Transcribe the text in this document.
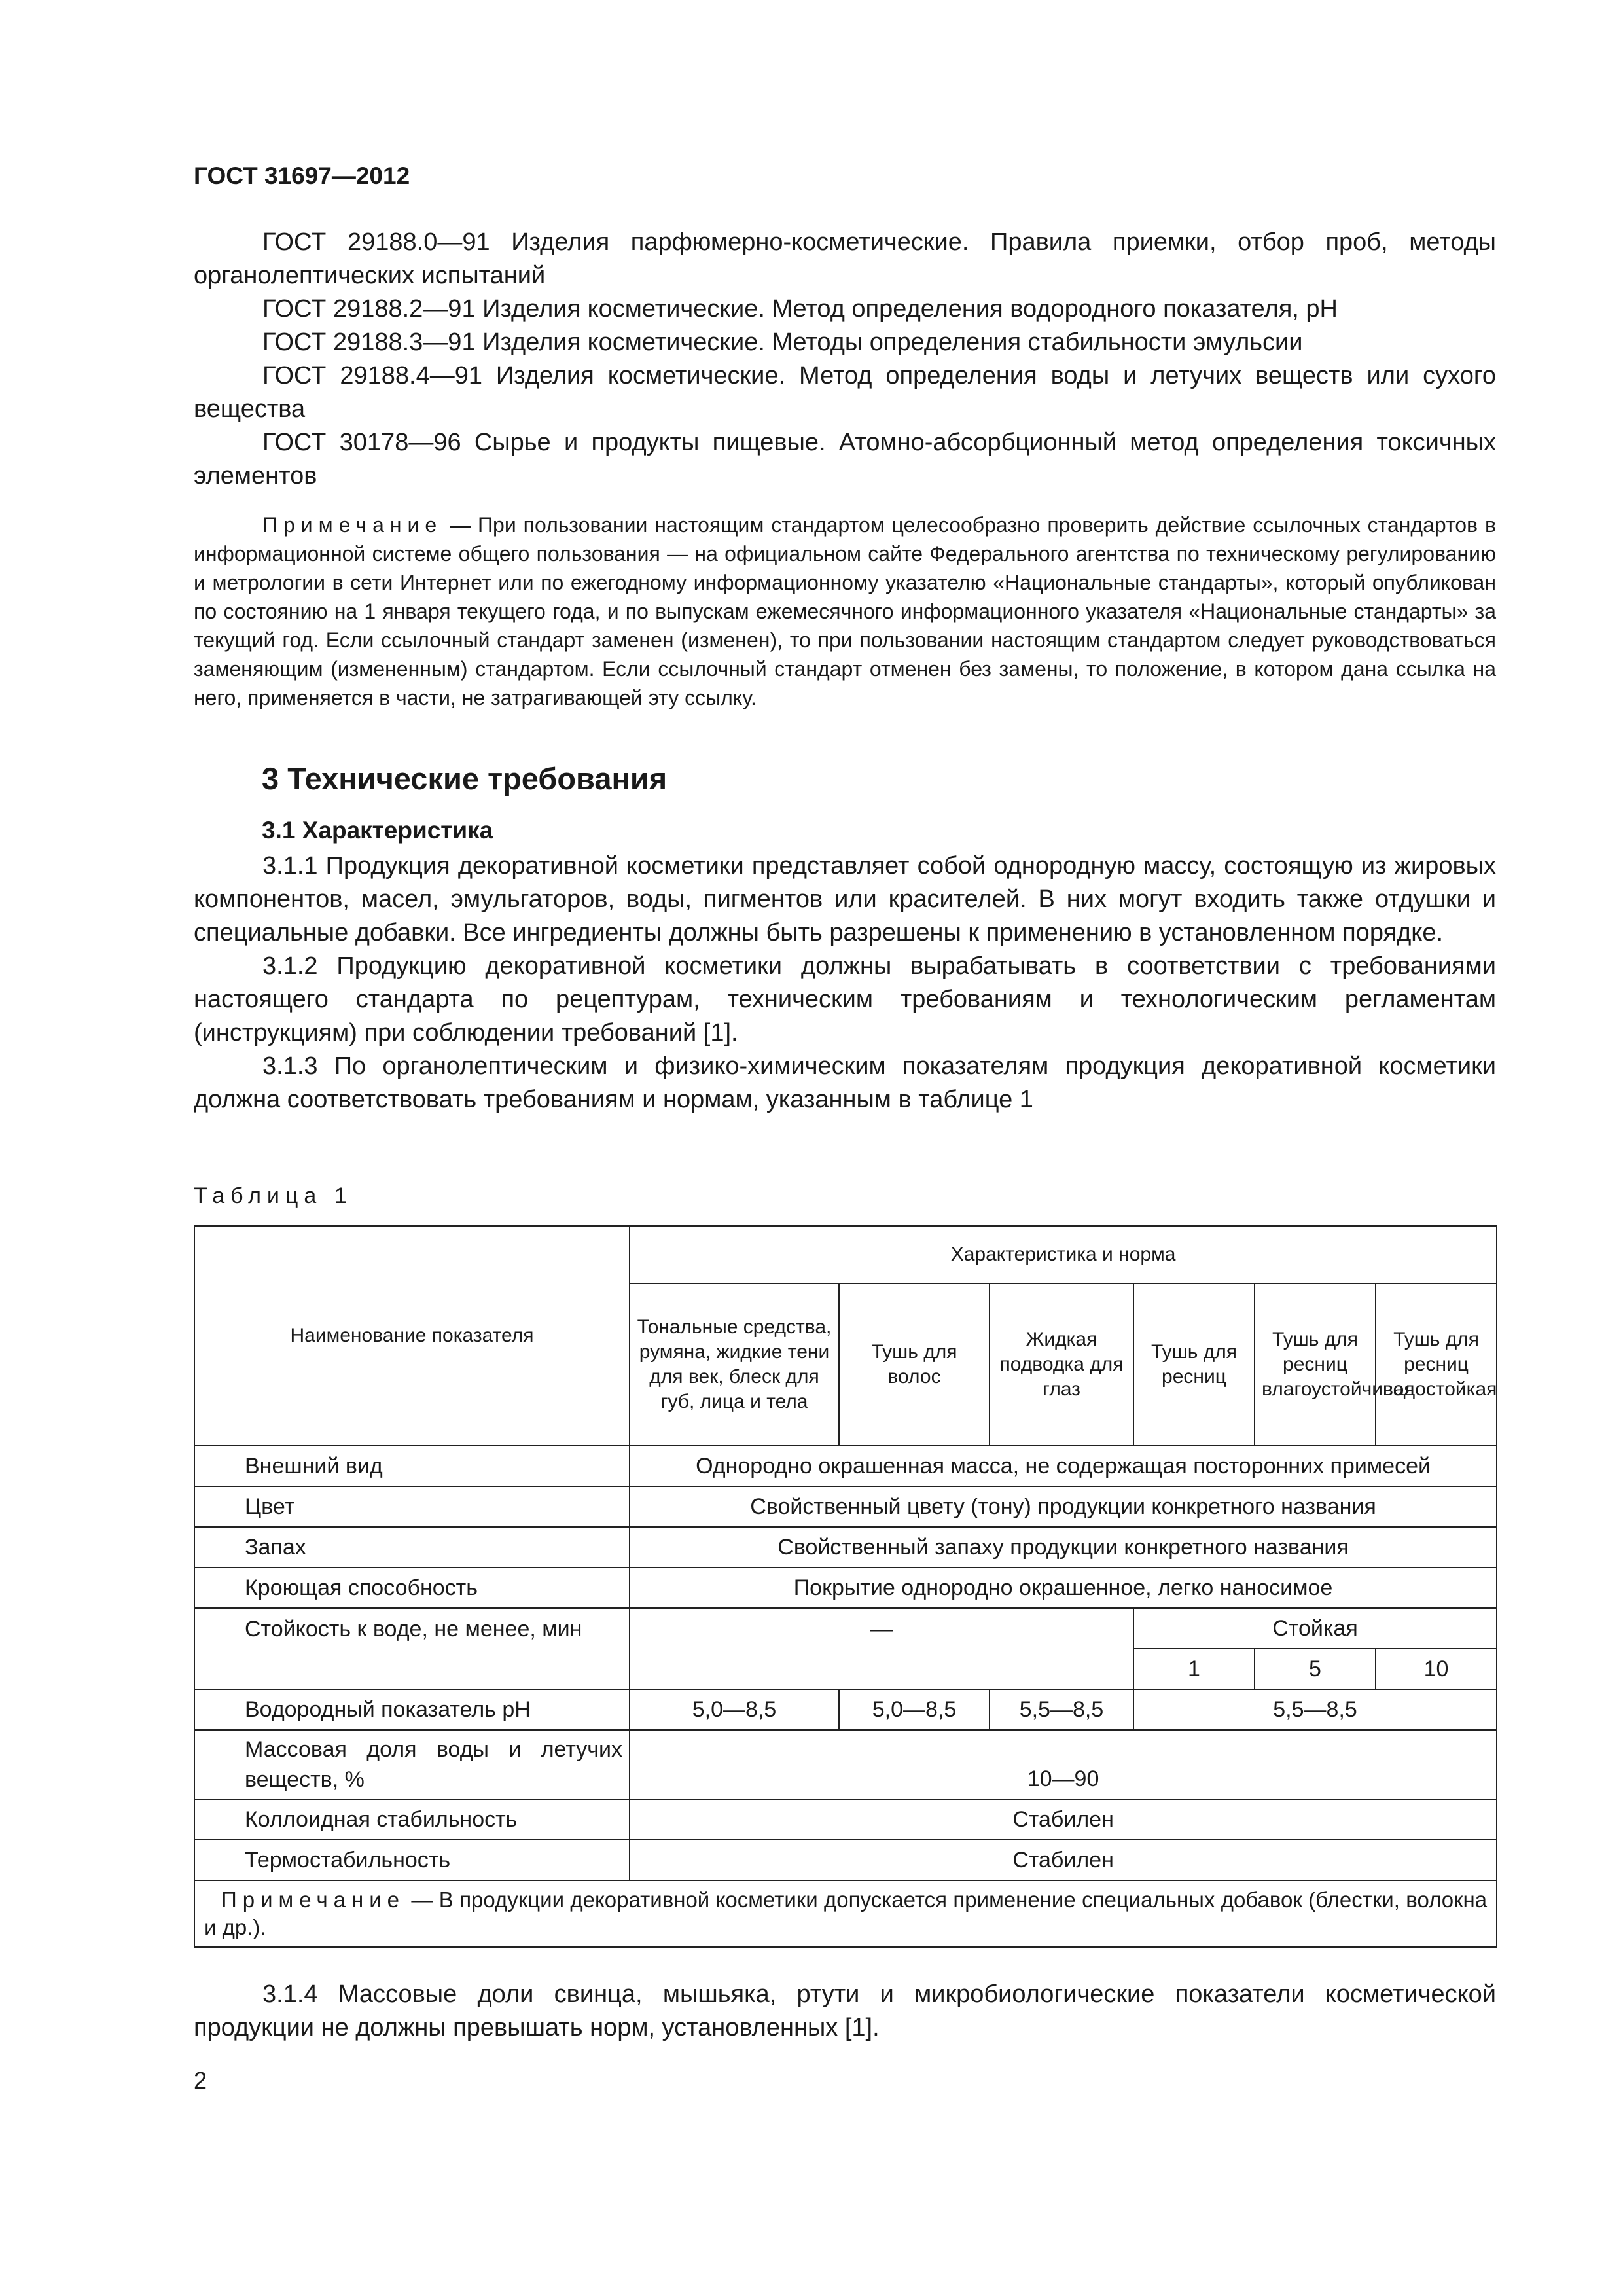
ГОСТ 31697—2012

ГОСТ 29188.0—91 Изделия парфюмерно-косметические. Правила приемки, отбор проб, методы органолептических испытаний

ГОСТ 29188.2—91 Изделия косметические. Метод определения водородного показателя, рН

ГОСТ 29188.3—91 Изделия косметические. Методы определения стабильности эмульсии

ГОСТ 29188.4—91 Изделия косметические. Метод определения воды и летучих веществ или сухого вещества

ГОСТ 30178—96 Сырье и продукты пищевые. Атомно-абсорбционный метод определения токсичных элементов

Примечание — При пользовании настоящим стандартом целесообразно проверить действие ссылочных стандартов в информационной системе общего пользования — на официальном сайте Федерального агентства по техническому регулированию и метрологии в сети Интернет или по ежегодному информационному указателю «Национальные стандарты», который опубликован по состоянию на 1 января текущего года, и по выпускам ежемесячного информационного указателя «Национальные стандарты» за текущий год. Если ссылочный стандарт заменен (изменен), то при пользовании настоящим стандартом следует руководствоваться заменяющим (измененным) стандартом. Если ссылочный стандарт отменен без замены, то положение, в котором дана ссылка на него, применяется в части, не затрагивающей эту ссылку.
3 Технические требования
3.1 Характеристика

3.1.1 Продукция декоративной косметики представляет собой однородную массу, состоящую из жировых компонентов, масел, эмульгаторов, воды, пигментов или красителей. В них могут входить также отдушки и специальные добавки. Все ингредиенты должны быть разрешены к применению в установленном порядке.

3.1.2 Продукцию декоративной косметики должны вырабатывать в соответствии с требованиями настоящего стандарта по рецептурам, техническим требованиям и технологическим регламентам (инструкциям) при соблюдении требований [1].

3.1.3 По органолептическим и физико-химическим показателям продукция декоративной косметики должна соответствовать требованиям и нормам, указанным в таблице 1

Таблица 1
Наименование показателя	Характеристика и норма					
	Тональные средства, румяна, жидкие тени для век, блеск для губ, лица и тела	Тушь для волос	Жидкая подводка для глаз	Тушь для ресниц	Тушь для ресниц влагоустойчивая	Тушь для ресниц водостойкая
Внешний вид	Однородно окрашенная масса, не содержащая посторонних примесей					
Цвет	Свойственный цвету (тону) продукции конкретного названия					
Запах	Свойственный запаху продукции конкретного названия					
Кроющая способность	Покрытие однородно окрашенное, легко наносимое					
Стойкость к воде, не менее, мин	—			Стойкая		
				1	5	10
Водородный показатель pH	5,0—8,5	5,0—8,5	5,5—8,5	5,5—8,5		
Массовая доля воды и летучих веществ, %	10—90					
Коллоидная стабильность	Стабилен					
Термостабильность	Стабилен					
Примечание — В продукции декоративной косметики допускается применение специальных добавок (блестки, волокна и др.).						

3.1.4 Массовые доли свинца, мышьяка, ртути и микробиологические показатели косметической продукции не должны превышать норм, установленных [1].

2
